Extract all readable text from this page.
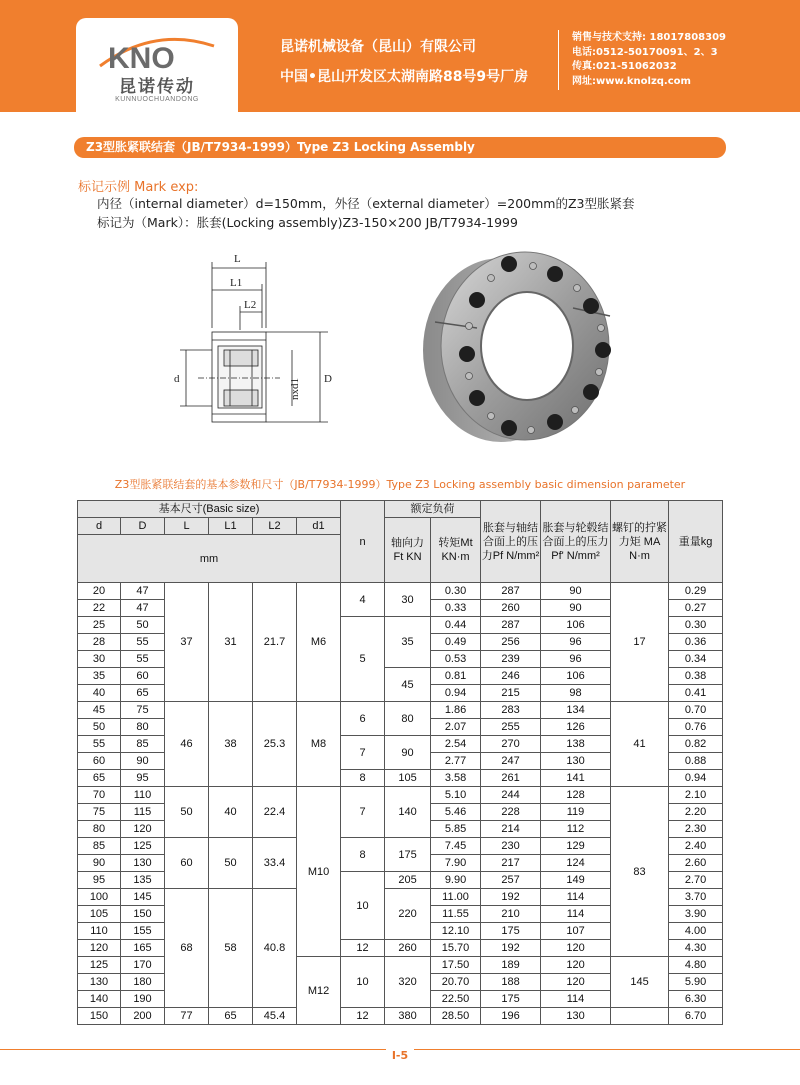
KNO
昆诺传动
KUNNUOCHUANDONG
昆诺机械设备（昆山）有限公司
中国•昆山开发区太湖南路88号9号厂房
销售与技术支持: 18017808309
电话:0512-50170091、2、3
传真:021-51062032
网址:www.knolzq.com
Z3型胀紧联结套（JB/T7934-1999）Type Z3 Locking Assembly
标记示例 Mark exp:
内径（internal diameter）d=150mm，外径（external diameter）=200mm的Z3型胀紧套
标记为（Mark）：胀套(Locking assembly)Z3-150×200 JB/T7934-1999
L
L1
L2
d	nxd1 D
Z3型胀紧联结套的基本参数和尺寸（JB/T7934-1999）Type Z3 Locking assembly basic dimension parameter
基本尺寸(Basic size)						n	额定负荷		胀套与轴结合面上的压力Pf N/mm²	胀套与轮毂结合面上的压力Pf' N/mm²	螺钉的拧紧力矩 MA N·m	重量kg
d	D	L	L1	L2	d1		轴向力 Ft KN	转矩Mt KN·m				
mm												
20	47	37	31	21.7	M6	4	30	0.30	287	90	17	0.29
22	47							0.33	260	90		0.27
25	50					5	35	0.44	287	106		0.30
28	55							0.49	256	96		0.36
30	55							0.53	239	96		0.34
35	60						45	0.81	246	106		0.38
40	65							0.94	215	98		0.41
45	75	46	38	25.3	M8	6	80	1.86	283	134	41	0.70
50	80							2.07	255	126		0.76
55	85					7	90	2.54	270	138		0.82
60	90							2.77	247	130		0.88
65	95					8	105	3.58	261	141		0.94
70	110	50	40	22.4	M10	7	140	5.10	244	128	83	2.10
75	115							5.46	228	119		2.20
80	120							5.85	214	112		2.30
85	125	60	50	33.4		8	175	7.45	230	129		2.40
90	130							7.90	217	124		2.60
95	135					10	205	9.90	257	149		2.70
100	145	68	58	40.8			220	11.00	192	114		3.70
105	150							11.55	210	114		3.90
110	155							12.10	175	107		4.00
120	165					12	260	15.70	192	120		4.30
125	170				M12	10	320	17.50	189	120	145	4.80
130	180							20.70	188	120		5.90
140	190							22.50	175	114		6.30
150	200	77	65	45.4		12	380	28.50	196	130		6.70
I-5
